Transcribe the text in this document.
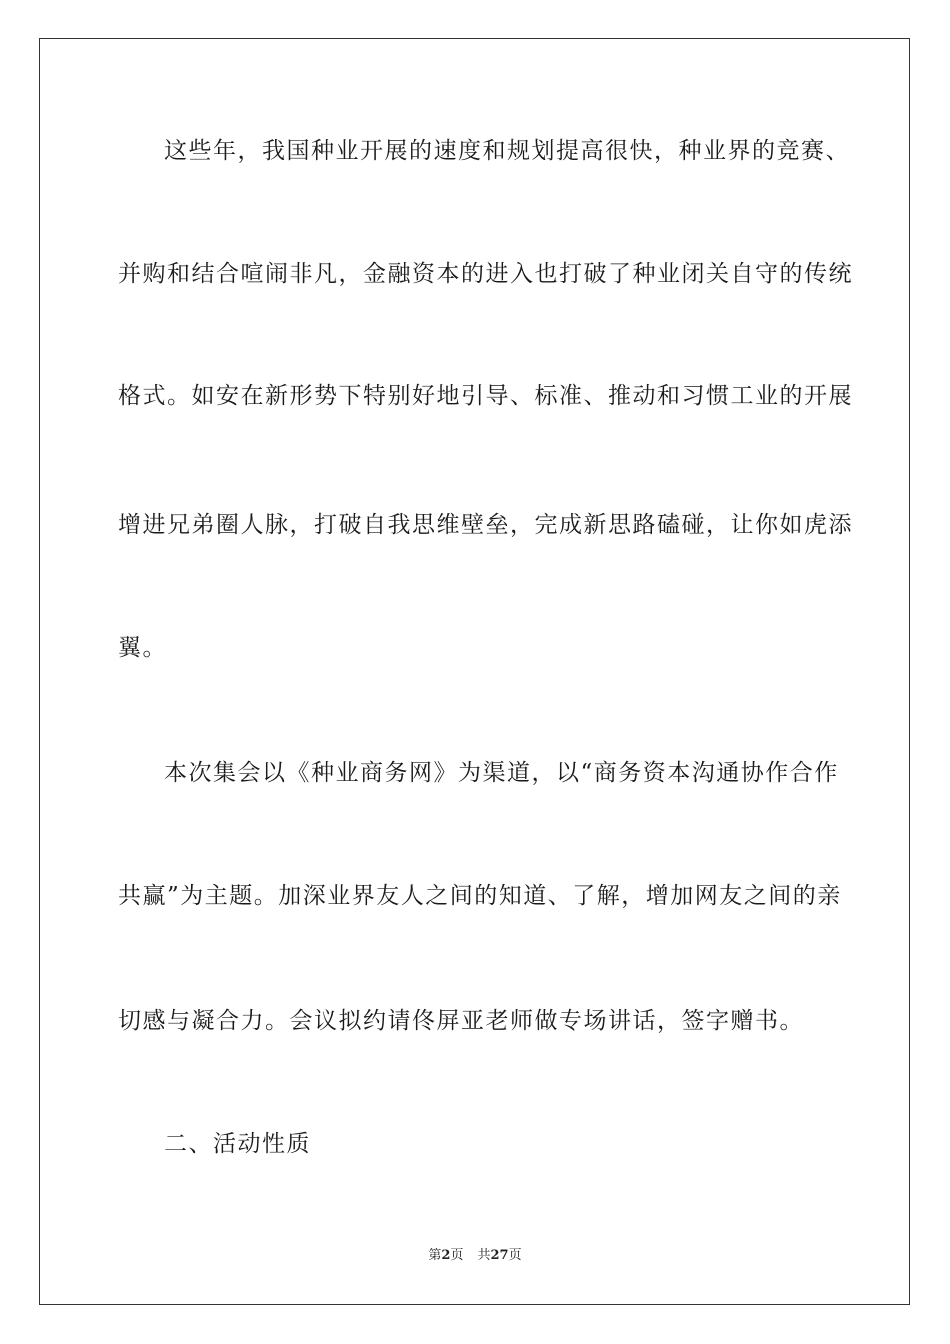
这些年，我国种业开展的速度和规划提高很快，种业界的竞赛、
并购和结合喧闹非凡，金融资本的进入也打破了种业闭关自守的传统
格式。如安在新形势下特别好地引导、标准、推动和习惯工业的开展
增进兄弟圈人脉，打破自我思维壁垒，完成新思路磕碰，让你如虎添
翼。
本次集会以《种业商务网》为渠道，以“商务资本沟通协作合作
共赢”为主题。加深业界友人之间的知道、了解，增加网友之间的亲
切感与凝合力。会议拟约请佟屏亚老师做专场讲话，签字赠书。
二、活动性质
第2页 共27页
